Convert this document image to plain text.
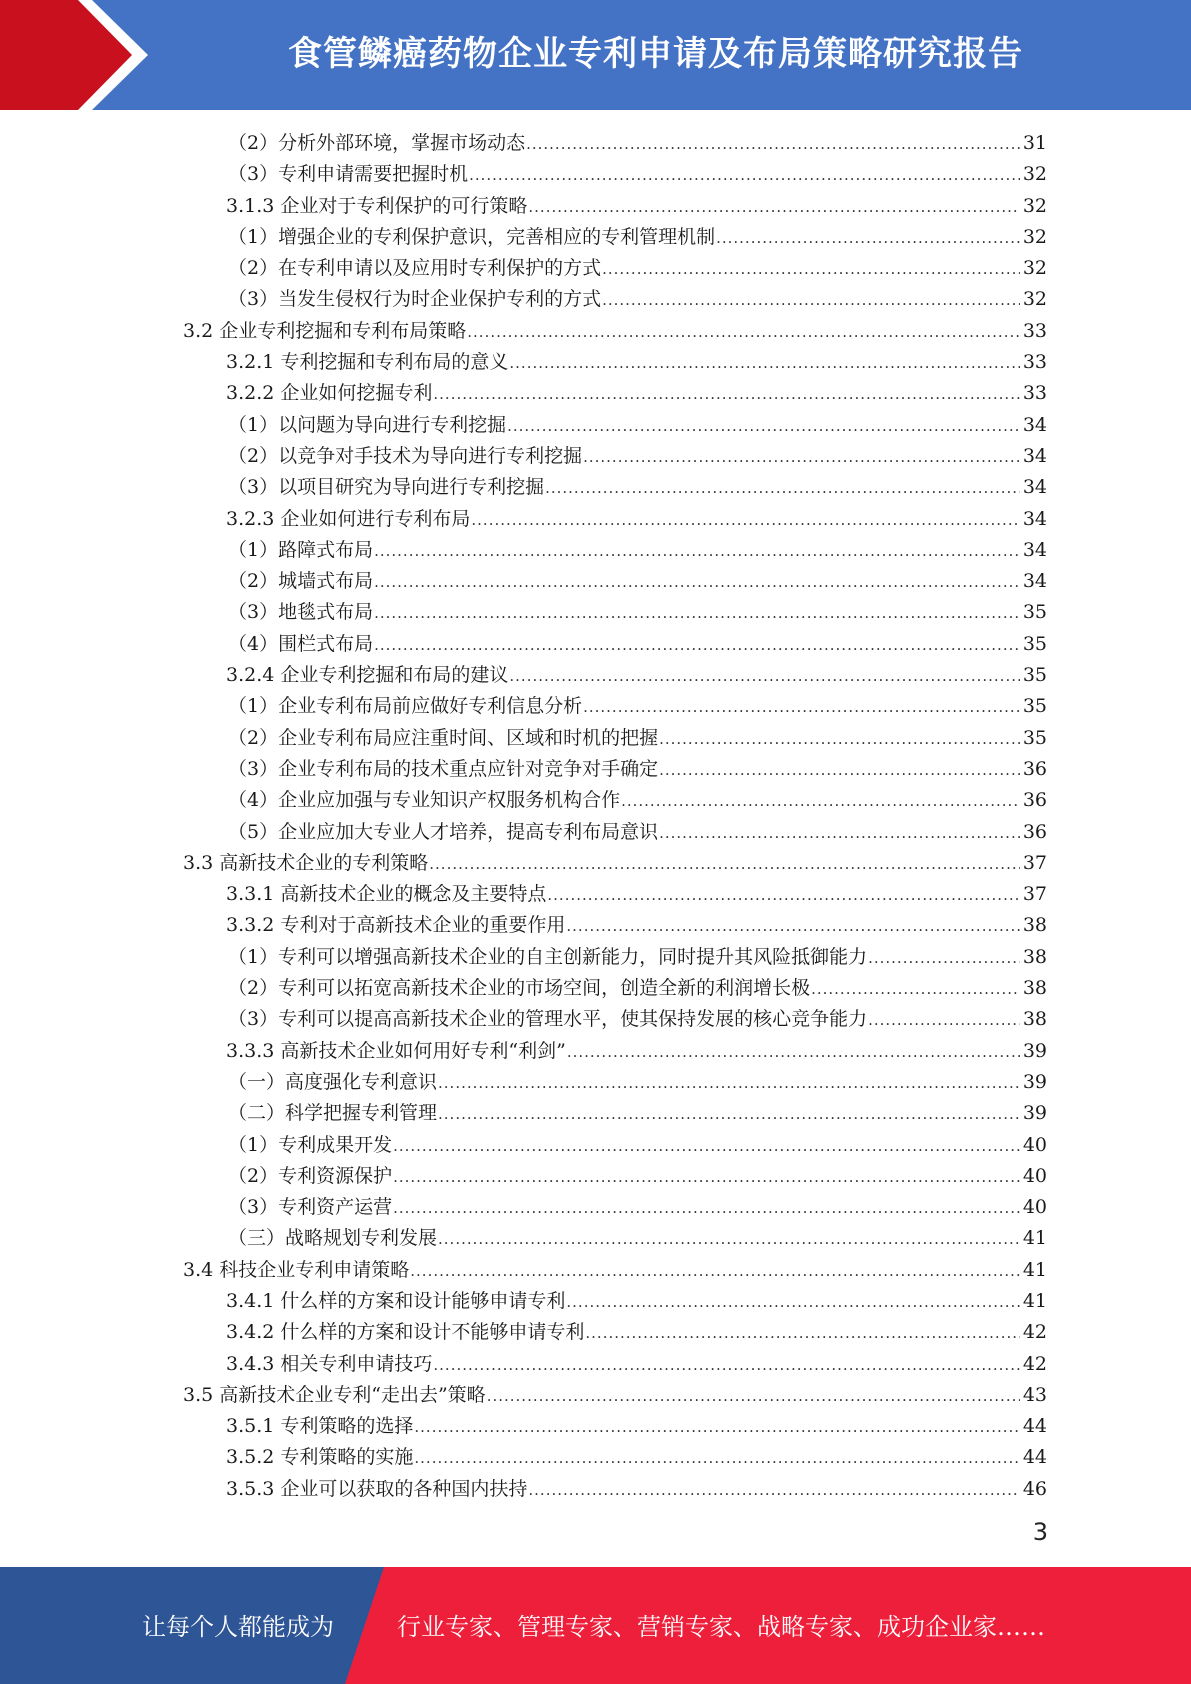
食管鳞癌药物企业专利申请及布局策略研究报告
（2）分析外部环境，掌握市场动态 .....	31
（3）专利申请需要把握时机 .....	32
3.1.3 企业对于专利保护的可行策略 .....	32
（1）增强企业的专利保护意识，完善相应的专利管理机制 .....	32
（2）在专利申请以及应用时专利保护的方式 .....	32
（3）当发生侵权行为时企业保护专利的方式 .....	32
3.2 企业专利挖掘和专利布局策略 .....	33
3.2.1 专利挖掘和专利布局的意义 .....	33
3.2.2 企业如何挖掘专利 .....	33
（1）以问题为导向进行专利挖掘 .....	34
（2）以竞争对手技术为导向进行专利挖掘 .....	34
（3）以项目研究为导向进行专利挖掘 .....	34
3.2.3 企业如何进行专利布局 .....	34
（1）路障式布局 .....	34
（2）城墙式布局 .....	34
（3）地毯式布局 .....	35
（4）围栏式布局 .....	35
3.2.4 企业专利挖掘和布局的建议 .....	35
（1）企业专利布局前应做好专利信息分析 .....	35
（2）企业专利布局应注重时间、区域和时机的把握 .....	35
（3）企业专利布局的技术重点应针对竞争对手确定 .....	36
（4）企业应加强与专业知识产权服务机构合作 .....	36
（5）企业应加大专业人才培养，提高专利布局意识 .....	36
3.3 高新技术企业的专利策略 .....	37
3.3.1 高新技术企业的概念及主要特点 .....	37
3.3.2 专利对于高新技术企业的重要作用 .....	38
（1）专利可以增强高新技术企业的自主创新能力，同时提升其风险抵御能力 .....	38
（2）专利可以拓宽高新技术企业的市场空间，创造全新的利润增长极 .....	38
（3）专利可以提高高新技术企业的管理水平，使其保持发展的核心竞争能力 .....	38
3.3.3 高新技术企业如何用好专利“利剑” .....	39
（一）高度强化专利意识 .....	39
（二）科学把握专利管理 .....	39
（1）专利成果开发 .....	40
（2）专利资源保护 .....	40
（3）专利资产运营 .....	40
（三）战略规划专利发展 .....	41
3.4 科技企业专利申请策略 .....	41
3.4.1 什么样的方案和设计能够申请专利 .....	41
3.4.2 什么样的方案和设计不能够申请专利 .....	42
3.4.3 相关专利申请技巧 .....	42
3.5 高新技术企业专利“走出去”策略 .....	43
3.5.1 专利策略的选择 .....	44
3.5.2 专利策略的实施 .....	44
3.5.3 企业可以获取的各种国内扶持 .....	46
3
让每个人都能成为	行业专家、管理专家、营销专家、战略专家、成功企业家……
